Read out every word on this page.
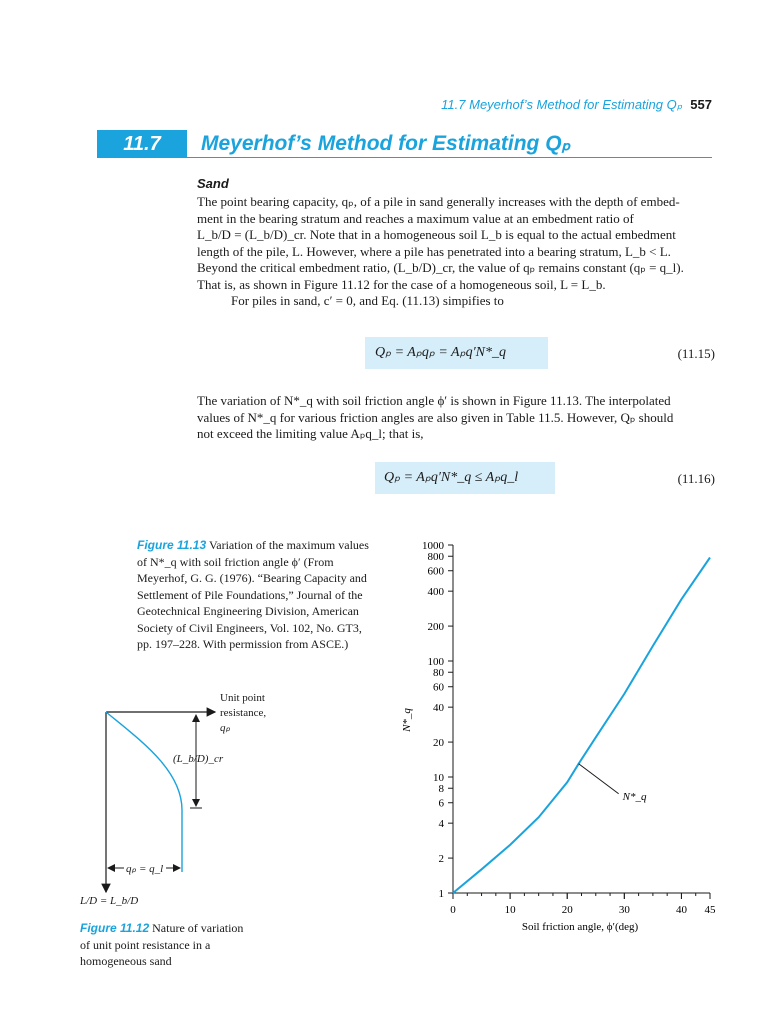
11.7 Meyerhof’s Method for Estimating Qₚ 557
11.7	Meyerhof’s Method for Estimating Qₚ
Sand
The point bearing capacity, qₚ, of a pile in sand generally increases with the depth of embed-
ment in the bearing stratum and reaches a maximum value at an embedment ratio of
L_b/D = (L_b/D)_cr. Note that in a homogeneous soil L_b is equal to the actual embedment
length of the pile, L. However, where a pile has penetrated into a bearing stratum, L_b < L.
Beyond the critical embedment ratio, (L_b/D)_cr, the value of qₚ remains constant (qₚ = q_l).
That is, as shown in Figure 11.12 for the case of a homogeneous soil, L = L_b.
For piles in sand, c′ = 0, and Eq. (11.13) simpifies to
Qₚ = Aₚqₚ = Aₚq′N*_q	(11.15)
The variation of N*_q with soil friction angle ϕ′ is shown in Figure 11.13. The interpolated
values of N*_q for various friction angles are also given in Table 11.5. However, Qₚ should
not exceed the limiting value Aₚq_l; that is,
Qₚ = Aₚq′N*_q ≤ Aₚq_l	(11.16)
Figure 11.13 Variation of the maximum values
of N*_q with soil friction angle ϕ′ (From
Meyerhof, G. G. (1976). “Bearing Capacity and
Settlement of Pile Foundations,” Journal of the
Geotechnical Engineering Division, American
Society of Civil Engineers, Vol. 102, No. GT3,
pp. 197–228. With permission from ASCE.)
Unit point
resistance,
qₚ
(L_b/D)_cr
qₚ = q_l
L/D = L_b/D
Figure 11.12 Nature of variation
of unit point resistance in a
homogeneous sand
1
2
4
6
8
10
20
40
60
80
100
200
400
600
800
1000
0	10	20	30	40 45
N*_q
Soil friction angle, ϕ′(deg)
N*_q
